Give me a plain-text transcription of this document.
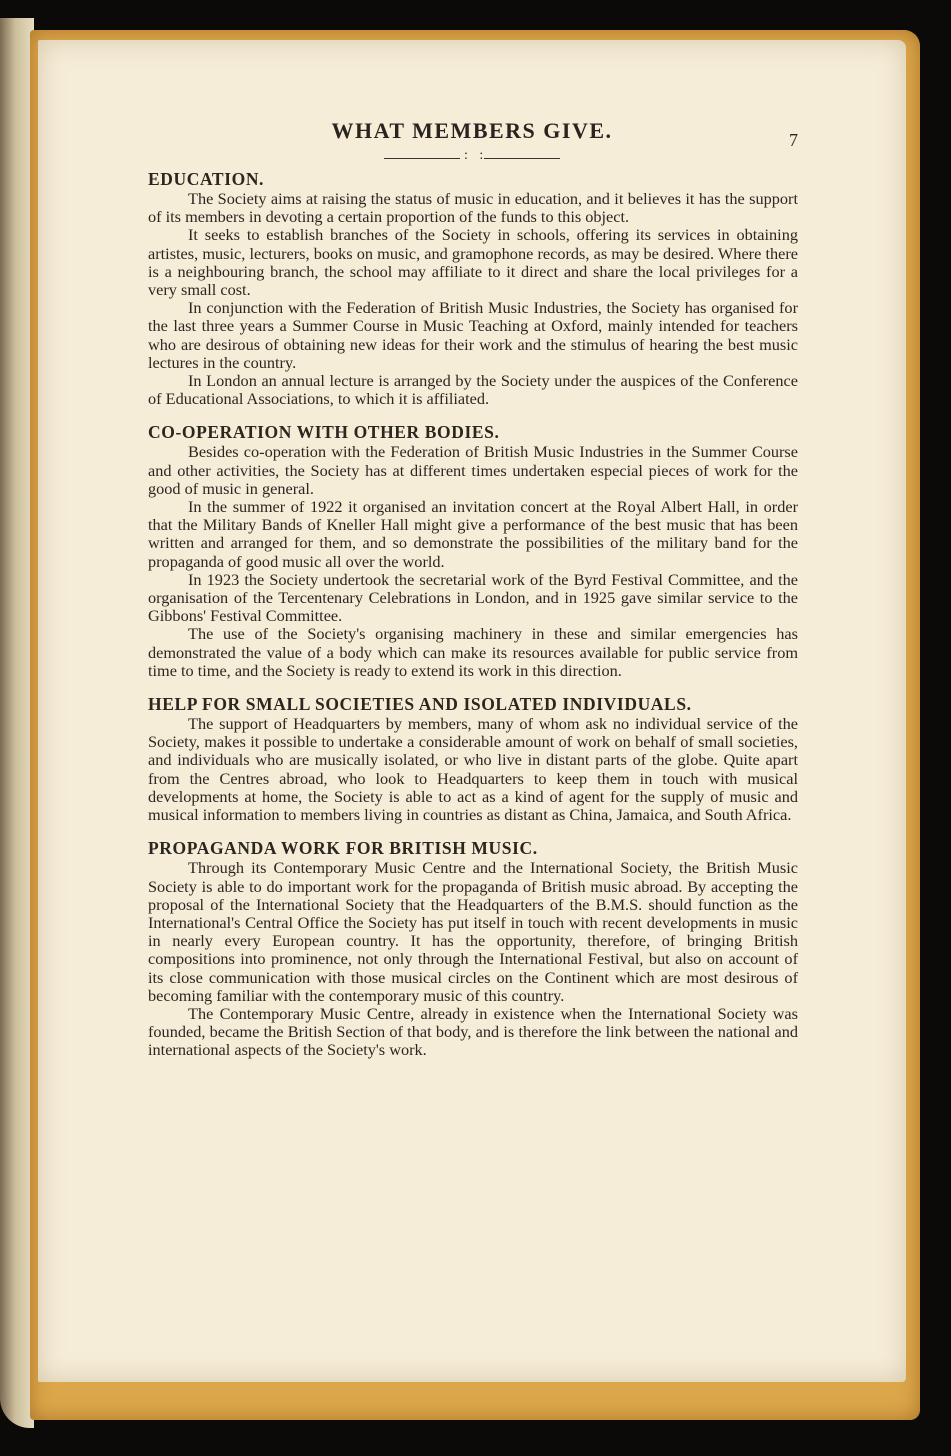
WHAT MEMBERS GIVE.	7
: :
EDUCATION.

The Society aims at raising the status of music in education, and it believes it has the support of its members in devoting a certain proportion of the funds to this object.

It seeks to establish branches of the Society in schools, offering its services in obtaining artistes, music, lecturers, books on music, and gramophone records, as may be desired. Where there is a neighbouring branch, the school may affiliate to it direct and share the local privileges for a very small cost.

In conjunction with the Federation of British Music Industries, the Society has organised for the last three years a Summer Course in Music Teaching at Oxford, mainly intended for teachers who are desirous of obtaining new ideas for their work and the stimulus of hearing the best music lectures in the country.

In London an annual lecture is arranged by the Society under the auspices of the Conference of Educational Associations, to which it is affiliated.

CO-OPERATION WITH OTHER BODIES.

Besides co-operation with the Federation of British Music Industries in the Summer Course and other activities, the Society has at different times undertaken especial pieces of work for the good of music in general.

In the summer of 1922 it organised an invitation concert at the Royal Albert Hall, in order that the Military Bands of Kneller Hall might give a performance of the best music that has been written and arranged for them, and so demonstrate the possibilities of the military band for the propaganda of good music all over the world.

In 1923 the Society undertook the secretarial work of the Byrd Festival Committee, and the organisation of the Tercentenary Celebrations in London, and in 1925 gave similar service to the Gibbons' Festival Committee.

The use of the Society's organising machinery in these and similar emergencies has demonstrated the value of a body which can make its resources available for public service from time to time, and the Society is ready to extend its work in this direction.

HELP FOR SMALL SOCIETIES AND ISOLATED INDIVIDUALS.

The support of Headquarters by members, many of whom ask no individual service of the Society, makes it possible to undertake a considerable amount of work on behalf of small societies, and individuals who are musically isolated, or who live in distant parts of the globe. Quite apart from the Centres abroad, who look to Headquarters to keep them in touch with musical developments at home, the Society is able to act as a kind of agent for the supply of music and musical information to members living in countries as distant as China, Jamaica, and South Africa.

PROPAGANDA WORK FOR BRITISH MUSIC.

Through its Contemporary Music Centre and the International Society, the British Music Society is able to do important work for the propaganda of British music abroad. By accepting the proposal of the International Society that the Headquarters of the B.M.S. should function as the International's Central Office the Society has put itself in touch with recent developments in music in nearly every European country. It has the opportunity, therefore, of bringing British compositions into prominence, not only through the International Festival, but also on account of its close communication with those musical circles on the Continent which are most desirous of becoming familiar with the contemporary music of this country.

The Contemporary Music Centre, already in existence when the International Society was founded, became the British Section of that body, and is therefore the link between the national and international aspects of the Society's work.
